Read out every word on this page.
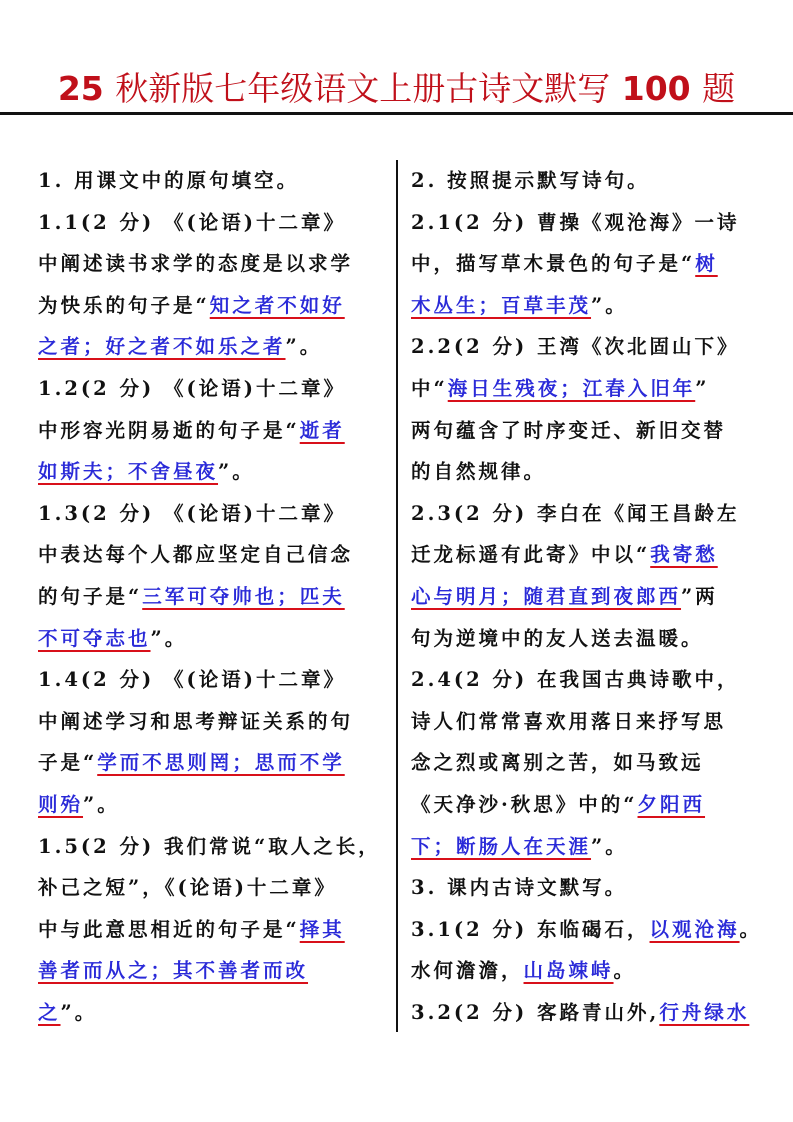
25 秋新版七年级语文上册古诗文默写 100 题
1. 用课文中的原句填空。
1.1(2 分) 《(论语)十二章》
中阐述读书求学的态度是以求学
为快乐的句子是“知之者不如好
之者；好之者不如乐之者”。
1.2(2 分) 《(论语)十二章》
中形容光阴易逝的句子是“逝者
如斯夫；不舍昼夜”。
1.3(2 分) 《(论语)十二章》
中表达每个人都应坚定自己信念
的句子是“三军可夺帅也；匹夫
不可夺志也”。
1.4(2 分) 《(论语)十二章》
中阐述学习和思考辩证关系的句
子是“学而不思则罔；思而不学
则殆”。
1.5(2 分) 我们常说“取人之长，
补己之短”，《(论语)十二章》
中与此意思相近的句子是“择其
善者而从之；其不善者而改
之”。
2. 按照提示默写诗句。
2.1(2 分) 曹操《观沧海》一诗
中，描写草木景色的句子是“树
木丛生；百草丰茂”。
2.2(2 分) 王湾《次北固山下》
中“海日生残夜；江春入旧年”
两句蕴含了时序变迁、新旧交替
的自然规律。
2.3(2 分) 李白在《闻王昌龄左
迁龙标遥有此寄》中以“我寄愁
心与明月；随君直到夜郎西”两
句为逆境中的友人送去温暖。
2.4(2 分) 在我国古典诗歌中，
诗人们常常喜欢用落日来抒写思
念之烈或离别之苦，如马致远
《天净沙·秋思》中的“夕阳西
下；断肠人在天涯”。
3. 课内古诗文默写。
3.1(2 分) 东临碣石，以观沧海。
水何澹澹，山岛竦峙。
3.2(2 分) 客路青山外,行舟绿水
